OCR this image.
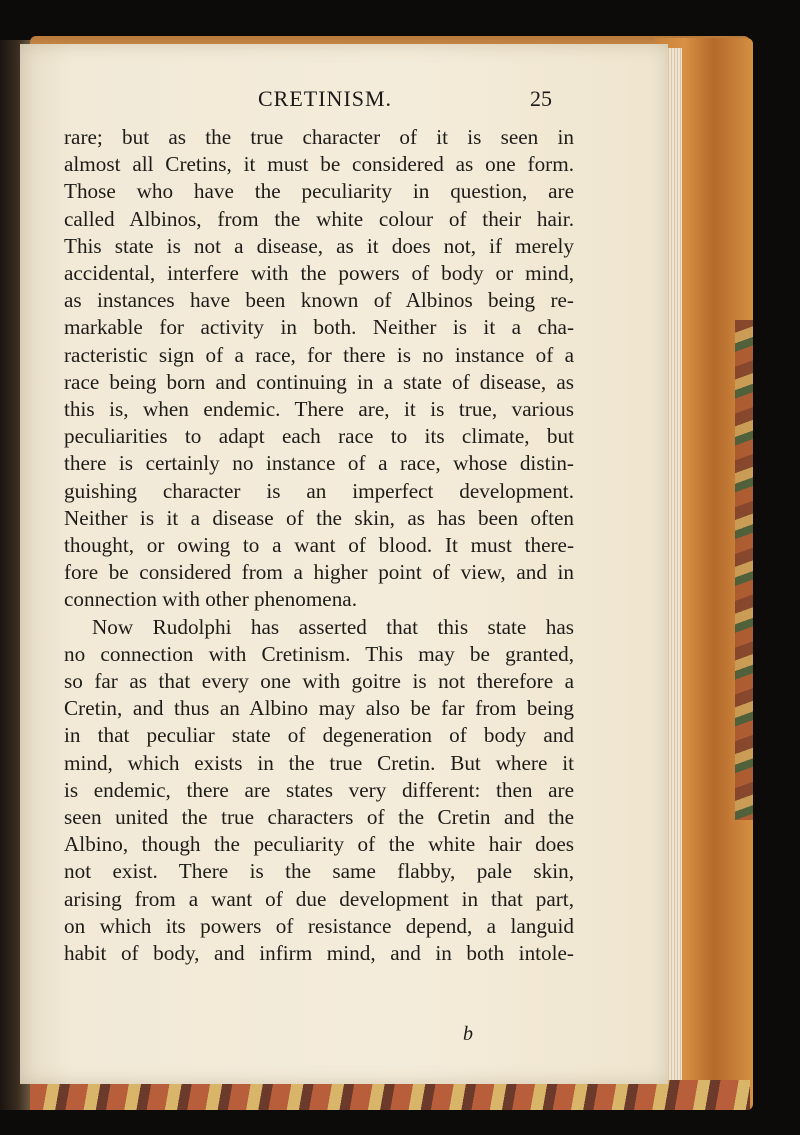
CRETINISM.	25
rare; but as the true character of it is seen in
almost all Cretins, it must be considered as one form.
Those who have the peculiarity in question, are
called Albinos, from the white colour of their hair.
This state is not a disease, as it does not, if merely
accidental, interfere with the powers of body or mind,
as instances have been known of Albinos being re-
markable for activity in both. Neither is it a cha-
racteristic sign of a race, for there is no instance of a
race being born and continuing in a state of disease, as
this is, when endemic. There are, it is true, various
peculiarities to adapt each race to its climate, but
there is certainly no instance of a race, whose distin-
guishing character is an imperfect development.
Neither is it a disease of the skin, as has been often
thought, or owing to a want of blood. It must there-
fore be considered from a higher point of view, and in
connection with other phenomena.
Now Rudolphi has asserted that this state has
no connection with Cretinism. This may be granted,
so far as that every one with goitre is not therefore a
Cretin, and thus an Albino may also be far from being
in that peculiar state of degeneration of body and
mind, which exists in the true Cretin. But where it
is endemic, there are states very different: then are
seen united the true characters of the Cretin and the
Albino, though the peculiarity of the white hair does
not exist. There is the same flabby, pale skin,
arising from a want of due development in that part,
on which its powers of resistance depend, a languid
habit of body, and infirm mind, and in both intole-
b
